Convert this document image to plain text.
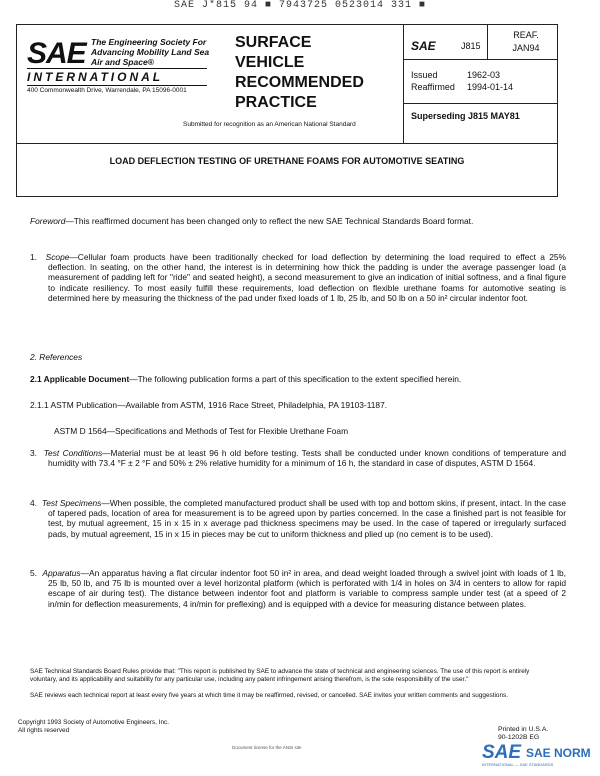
SAE J*815 94 ■ 7943725 0523014 331 ■
SAE The Engineering Society For Advancing Mobility Land Sea Air and Space®
INTERNATIONAL
400 Commonwealth Drive, Warrendale, PA 15096-0001
SURFACE
VEHICLE
RECOMMENDED
PRACTICE
Submitted for recognition as an American National Standard
SAE	J815
REAF.
JAN94
Issued	1962-03
Reaffirmed 1994-01-14
Superseding J815 MAY81
LOAD DEFLECTION TESTING OF URETHANE FOAMS FOR AUTOMOTIVE SEATING
Foreword—This reaffirmed document has been changed only to reflect the new SAE Technical Standards Board format.
1. Scope—Cellular foam products have been traditionally checked for load deflection by determining the load required to effect a 25% deflection. In seating, on the other hand, the interest is in determining how thick the padding is under the average passenger load (a measurement of padding left for "ride" and seated height), a second measurement to give an indication of initial softness, and a final figure to indicate resiliency. To most easily fulfill these requirements, load deflection on flexible urethane foams for automotive seating is determined here by measuring the thickness of the pad under fixed loads of 1 lb, 25 lb, and 50 lb on a 50 in² circular indentor foot.
2. References
2.1 Applicable Document—The following publication forms a part of this specification to the extent specified herein.
2.1.1 ASTM Publication—Available from ASTM, 1916 Race Street, Philadelphia, PA 19103-1187.
ASTM D 1564—Specifications and Methods of Test for Flexible Urethane Foam
3. Test Conditions—Material must be at least 96 h old before testing. Tests shall be conducted under known conditions of temperature and humidity with 73.4 °F ± 2 °F and 50% ± 2% relative humidity for a minimum of 16 h, the standard in case of disputes, ASTM D 1564.
4. Test Specimens—When possible, the completed manufactured product shall be used with top and bottom skins, if present, intact. In the case of tapered pads, location of area for measurement is to be agreed upon by parties concerned. In the case a finished part is not feasible for test, by mutual agreement, 15 in x 15 in x average pad thickness specimens may be used. In the case of tapered or irregularly surfaced pads, by mutual agreement, 15 in x 15 in pieces may be cut to uniform thickness and plied up (no cement is to be used).
5. Apparatus—An apparatus having a flat circular indentor foot 50 in² in area, and dead weight loaded through a swivel joint with loads of 1 lb, 25 lb, 50 lb, and 75 lb is mounted over a level horizontal platform (which is perforated with 1/4 in holes on 3/4 in centers to allow for rapid escape of air during test). The distance between indentor foot and platform is variable to compress sample under test (at a speed of 2 in/min for deflection measurements, 4 in/min for preflexing) and is equipped with a device for measuring distance between plates.
SAE Technical Standards Board Rules provide that: "This report is published by SAE to advance the state of technical and engineering sciences. The use of this report is entirely voluntary, and its applicability and suitability for any particular use, including any patent infringement arising therefrom, is the sole responsibility of the user."
SAE reviews each technical report at least every five years at which time it may be reaffirmed, revised, or cancelled. SAE invites your written comments and suggestions.
Copyright 1993 Society of Automotive Engineers, Inc.
All rights reserved	Printed in U.S.A.
90-1202B EG
Document license for the ANSI site	SAE SAE NORM
INTERNATIONAL — SAE STANDARDS
